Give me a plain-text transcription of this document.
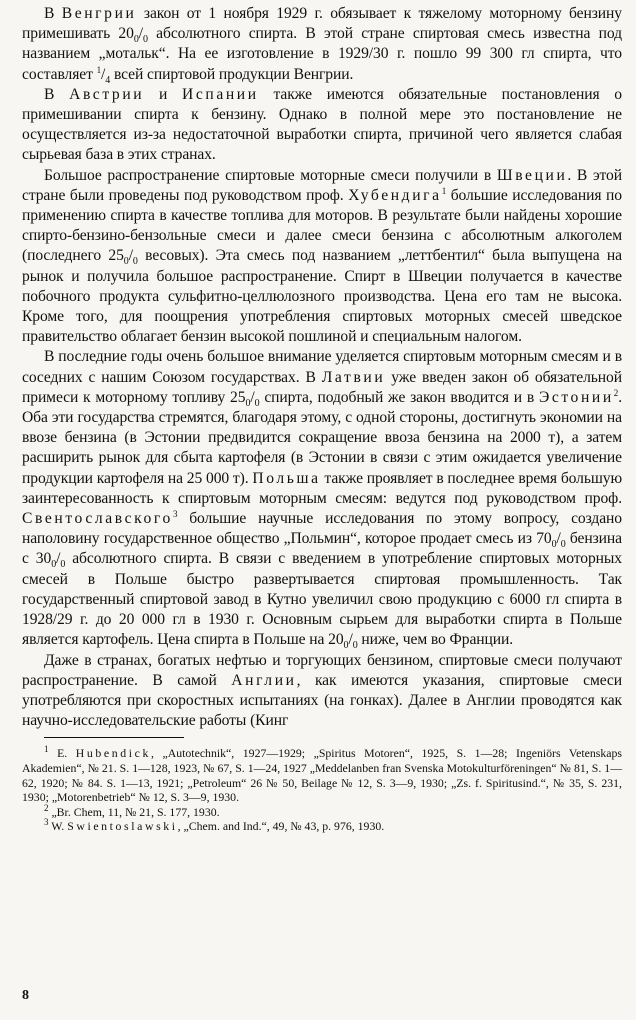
В Венгрии закон от 1 ноября 1929 г. обязывает к тяжелому моторному бензину примешивать $20_0/_0$ абсолютного спирта. В этой стране спиртовая смесь известна под названием „мотальк“. На ее изготовление в 1929/30 г. пошло 99 300 гл спирта, что составляет $^1/_4$ всей спиртовой продукции Венгрии.

В Австрии и Испании также имеются обязательные постановления о примешивании спирта к бензину. Однако в полной мере это постановление не осуществляется из-за недостаточной выработки спирта, причиной чего является слабая сырьевая база в этих странах.

Большое распространение спиртовые моторные смеси получили в Швеции. В этой стране были проведены под руководством проф. Хубендига$^1$ большие исследования по применению спирта в качестве топлива для моторов. В результате были найдены хорошие спирто-бензино-бензольные смеси и далее смеси бензина с абсолютным алкоголем (последнего $25_0/_0$ весовых). Эта смесь под названием „леттбентил“ была выпущена на рынок и получила большое распространение. Спирт в Швеции получается в качестве побочного продукта сульфитно-целлюлозного производства. Цена его там не высока. Кроме того, для поощрения употребления спиртовых моторных смесей шведское правительство облагает бензин высокой пошлиной и специальным налогом.

В последние годы очень большое внимание уделяется спиртовым моторным смесям и в соседних с нашим Союзом государствах. В Латвии уже введен закон об обязательной примеси к моторному топливу $25_0/_0$ спирта, подобный же закон вводится и в Эстонии$^2$. Оба эти государства стремятся, благодаря этому, с одной стороны, достигнуть экономии на ввозе бензина (в Эстонии предвидится сокращение ввоза бензина на 2000 т), а затем расширить рынок для сбыта картофеля (в Эстонии в связи с этим ожидается увеличение продукции картофеля на 25 000 т). Польша также проявляет в последнее время большую заинтересованность к спиртовым моторным смесям: ведутся под руководством проф. Свентославского$^3$ большие научные исследования по этому вопросу, создано наполовину государственное общество „Польмин“, которое продает смесь из $70_0/_0$ бензина с $30_0/_0$ абсолютного спирта. В связи с введением в употребление спиртовых моторных смесей в Польше быстро развертывается спиртовая промышленность. Так государственный спиртовой завод в Кутно увеличил свою продукцию с 6000 гл спирта в 1928/29 г. до 20 000 гл в 1930 г. Основным сырьем для выработки спирта в Польше является картофель. Цена спирта в Польше на $20_0/_0$ ниже, чем во Франции.

Даже в странах, богатых нефтью и торгующих бензином, спиртовые смеси получают распространение. В самой Англии, как имеются указания, спиртовые смеси употребляются при скоростных испытаниях (на гонках). Далее в Англии проводятся как научно-исследовательские работы (Кинг

$^1$ E. Hubendick, „Autotechnik“, 1927—1929; „Spiritus Motoren“, 1925, S. 1—28; Ingeniörs Vetenskaps Akademien“, № 21. S. 1—128, 1923, № 67, S. 1—24, 1927 „Meddelanben fran Svenska Motokulturföreningen“ № 81, S. 1—62, 1920; № 84. S. 1—13, 1921; „Petroleum“ 26 № 50, Beilage № 12, S. 3—9, 1930; „Zs. f. Spiritusind.“, № 35, S. 231, 1930; „Motorenbetrieb“ № 12, S. 3—9, 1930.

$^2$ „Br. Chem, 11, № 21, S. 177, 1930.

$^3$ W. Swientoslawski, „Chem. and Ind.“, 49, № 43, p. 976, 1930.

8
